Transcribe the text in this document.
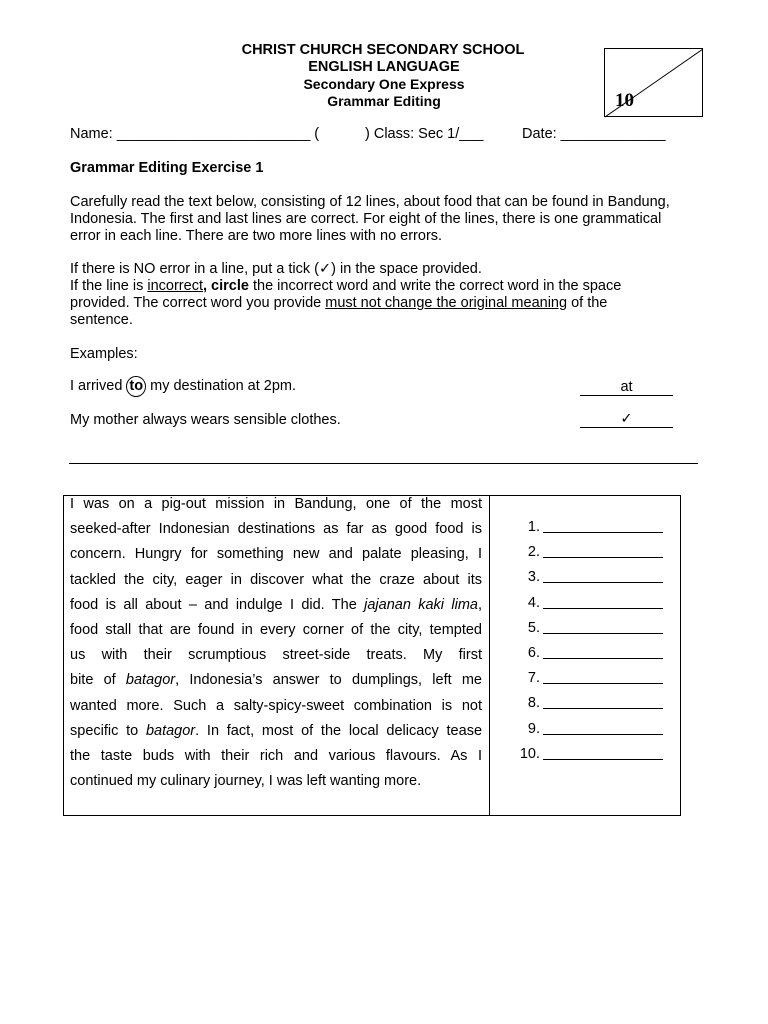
CHRIST CHURCH SECONDARY SCHOOL
ENGLISH LANGUAGE
Secondary One Express
Grammar Editing	10
Name: ________________________ (	) Class: Sec 1/___	Date: _____________
Grammar Editing Exercise 1
Carefully read the text below, consisting of 12 lines, about food that can be found in Bandung, Indonesia. The first and last lines are correct. For eight of the lines, there is one grammatical error in each line. There are two more lines with no errors.
If there is NO error in a line, put a tick (✓) in the space provided.
If the line is incorrect, circle the incorrect word and write the correct word in the space provided. The correct word you provide must not change the original meaning of the sentence.
Examples:
I arrived to my destination at 2pm.	at
My mother always wears sensible clothes.	✓
I was on a pig-out mission in Bandung, one of the most
seeked-after Indonesian destinations as far as good food is
concern. Hungry for something new and palate pleasing, I
tackled the city, eager in discover what the craze about its
food is all about – and indulge I did. The jajanan kaki lima,
food stall that are found in every corner of the city, tempted
us with their scrumptious street-side treats. My first
bite of batagor, Indonesia’s answer to dumplings, left me
wanted more. Such a salty-spicy-sweet combination is not
specific to batagor. In fact, most of the local delicacy tease
the taste buds with their rich and various flavours. As I
continued my culinary journey, I was left wanting more.
1.
2.
3.
4.
5.
6.
7.
8.
9.
10.
